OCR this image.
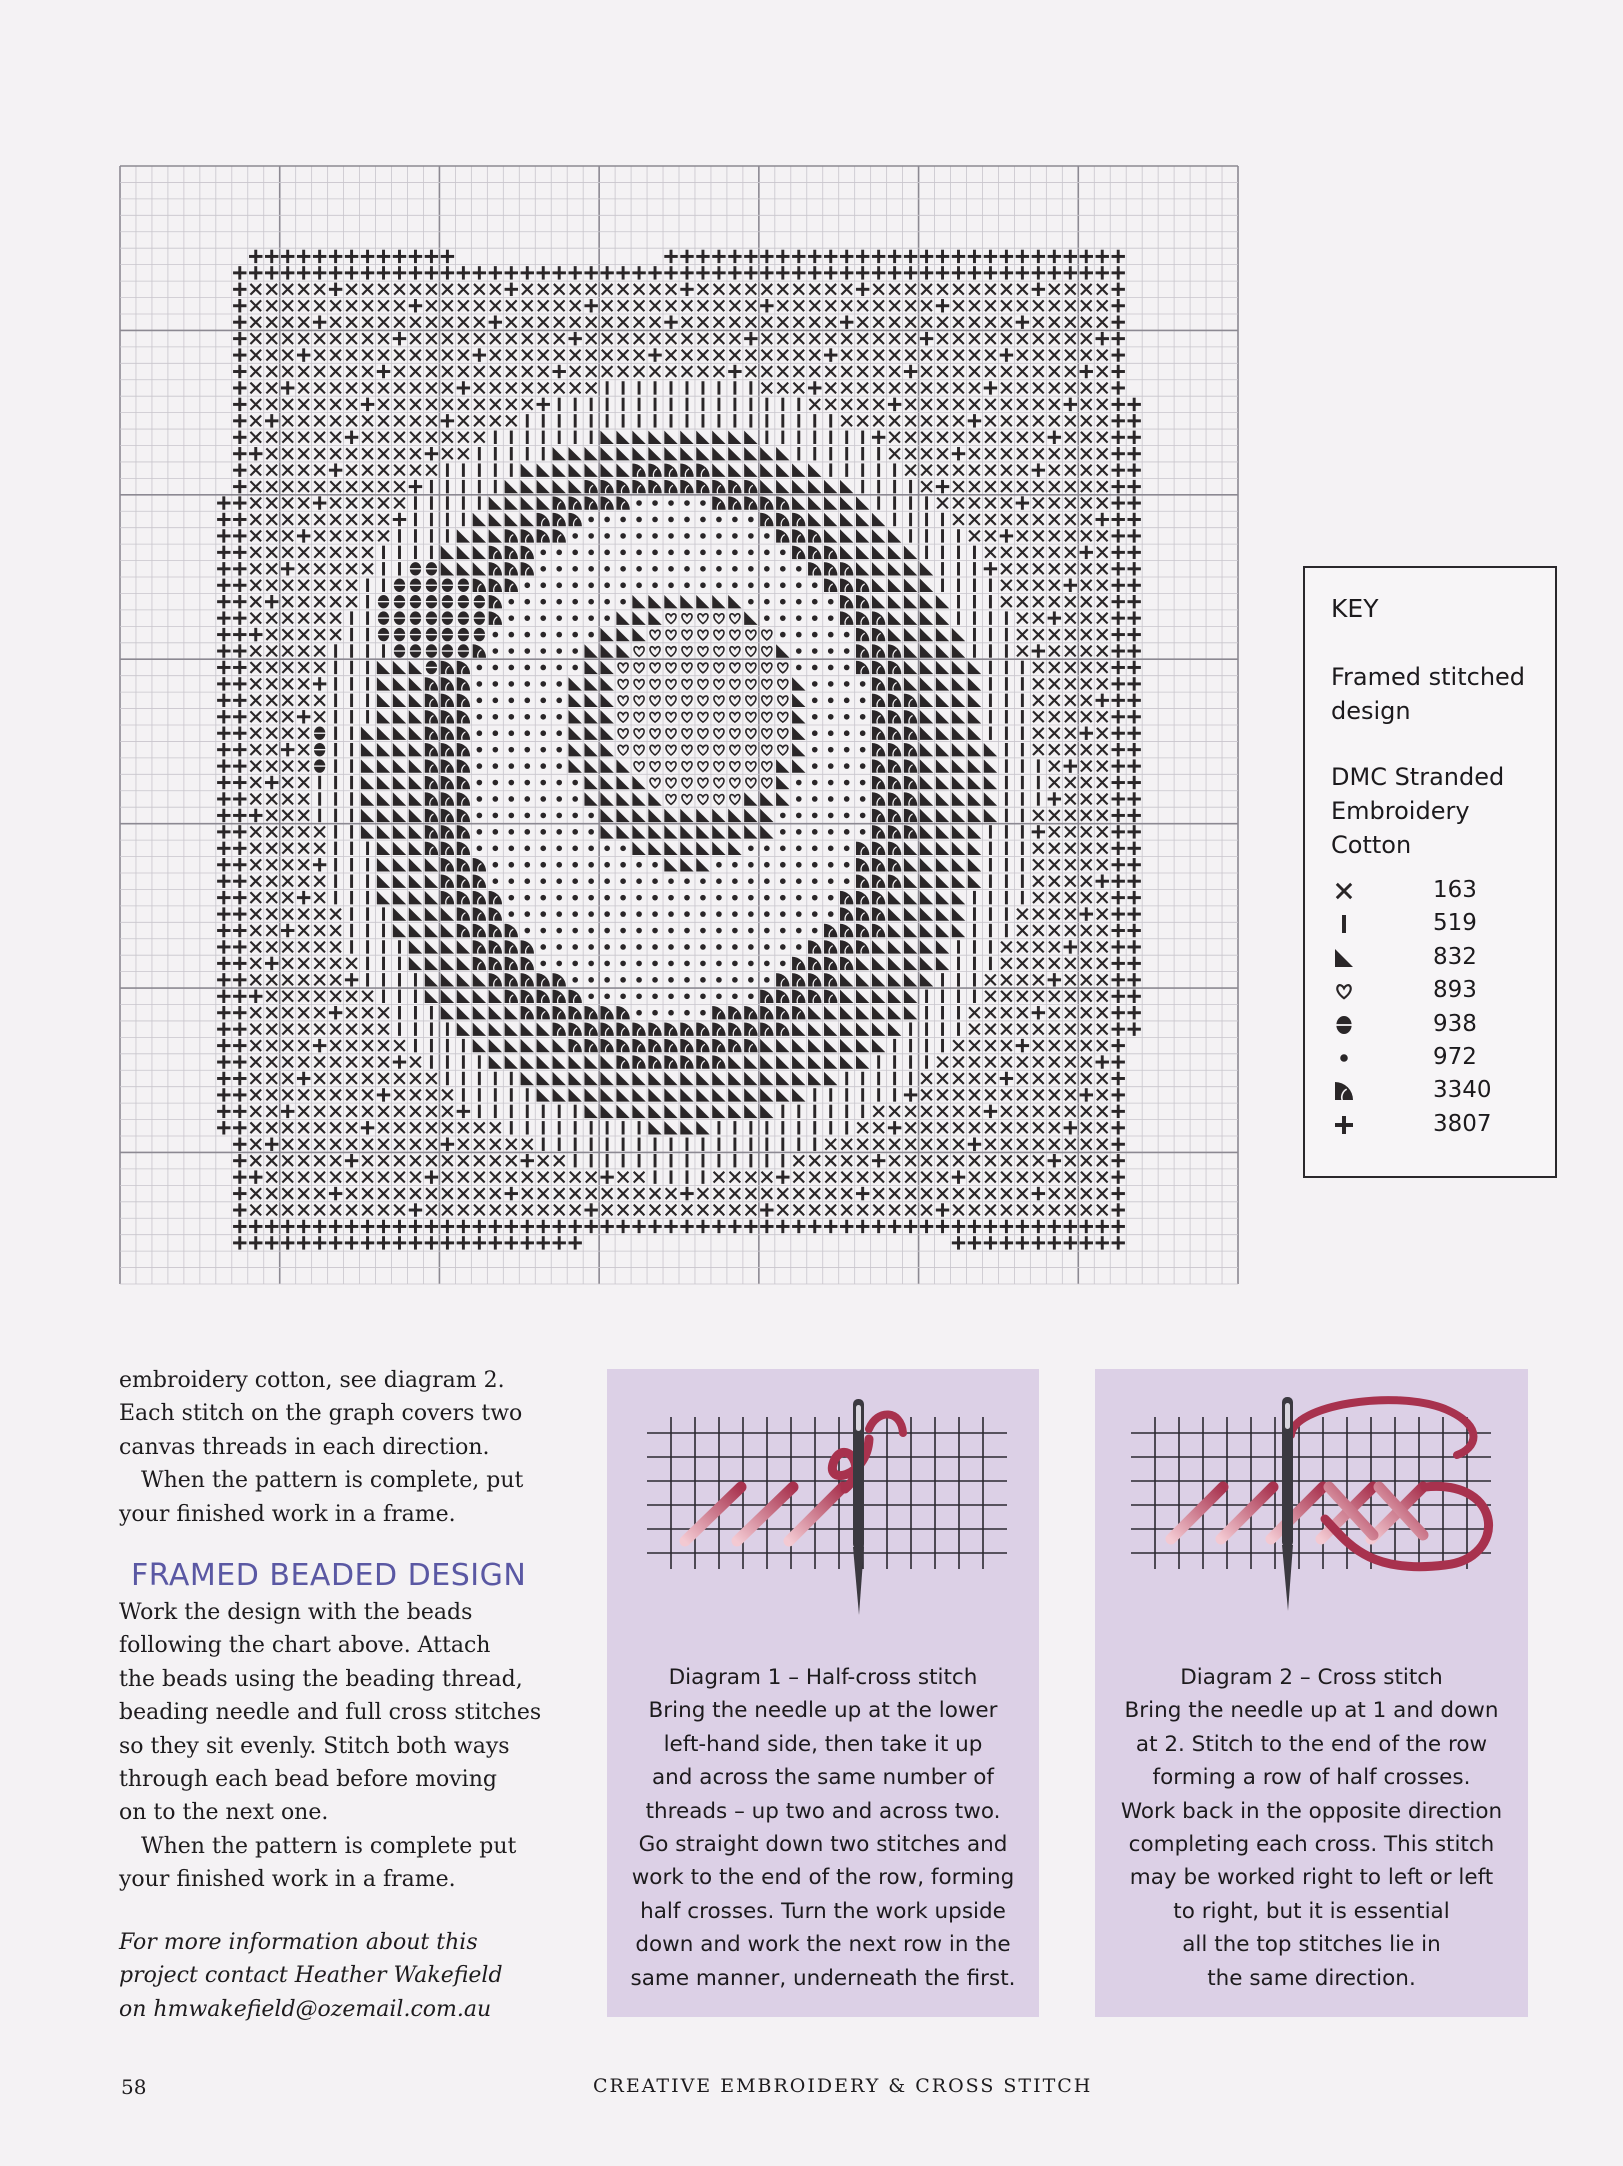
KEY
Framed stitched design
DMC Stranded Embroidery Cotton
163
519
832
893
938
972
3340
3807
embroidery cotton, see diagram 2.
Each stitch on the graph covers two
canvas threads in each direction.
When the pattern is complete, put
your finished work in a frame.
FRAMED BEADED DESIGN
Work the design with the beads
following the chart above. Attach
the beads using the beading thread,
beading needle and full cross stitches
so they sit evenly. Stitch both ways
through each bead before moving
on to the next one.
When the pattern is complete put
your finished work in a frame.
For more information about this
project contact Heather Wakefield
on hmwakefield@ozemail.com.au
Diagram 1 – Half-cross stitch
Bring the needle up at the lower
left-hand side, then take it up
and across the same number of
threads – up two and across two.
Go straight down two stitches and
work to the end of the row, forming
half crosses. Turn the work upside
down and work the next row in the
same manner, underneath the first.
Diagram 2 – Cross stitch
Bring the needle up at 1 and down
at 2. Stitch to the end of the row
forming a row of half crosses.
Work back in the opposite direction
completing each cross. This stitch
may be worked right to left or left
to right, but it is essential
all the top stitches lie in
the same direction.
58	CREATIVE EMBROIDERY & CROSS STITCH
